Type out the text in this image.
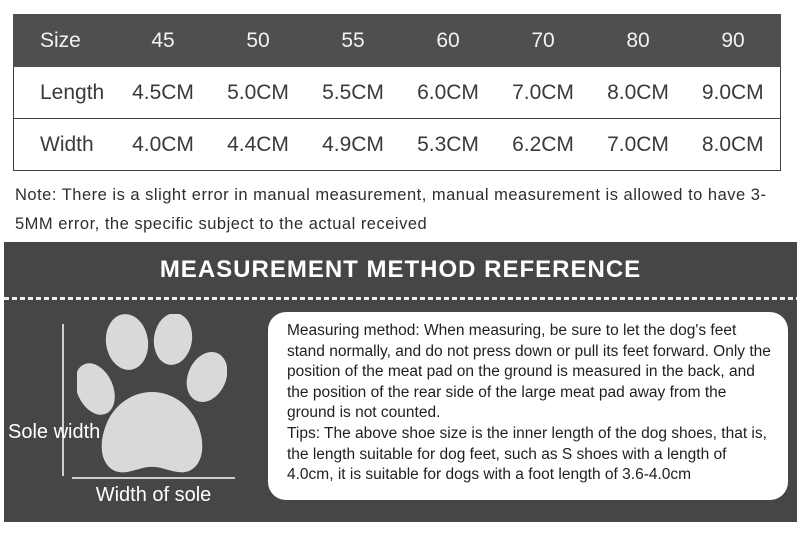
Size	45	50	55	60	70	80	90
Length	4.5CM	5.0CM	5.5CM	6.0CM	7.0CM	8.0CM	9.0CM
Width	4.0CM	4.4CM	4.9CM	5.3CM	6.2CM	7.0CM	8.0CM

Note: There is a slight error in manual measurement, manual measurement is allowed to have 3-5MM error, the specific subject to the actual received

MEASUREMENT METHOD REFERENCE
Sole width
Width of sole

Measuring method: When measuring, be sure to let the dog's feet stand normally, and do not press down or pull its feet forward. Only the position of the meat pad on the ground is measured in the back, and the position of the rear side of the large meat pad away from the ground is not counted.

Tips: The above shoe size is the inner length of the dog shoes, that is, the length suitable for dog feet, such as S shoes with a length of 4.0cm, it is suitable for dogs with a foot length of 3.6-4.0cm
